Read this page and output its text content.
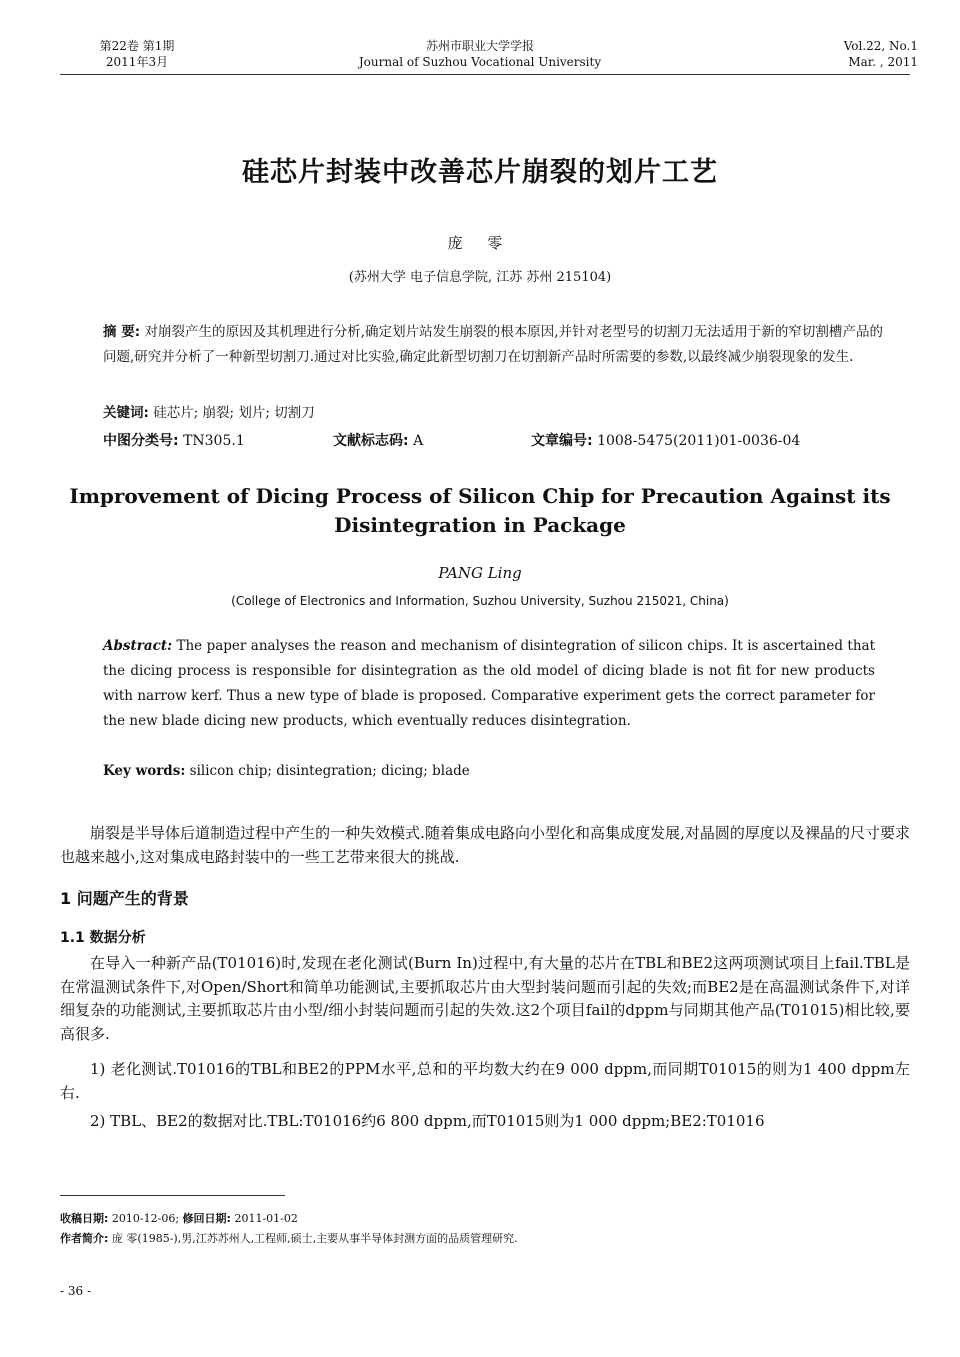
第22卷 第1期
2011年3月
苏州市职业大学学报
Journal of Suzhou Vocational University
Vol.22, No.1
Mar. , 2011
硅芯片封装中改善芯片崩裂的划片工艺
庞 零
(苏州大学 电子信息学院, 江苏 苏州 215104)
摘 要: 对崩裂产生的原因及其机理进行分析,确定划片站发生崩裂的根本原因,并针对老型号的切割刀无法适用于新的窄切割槽产品的问题,研究并分析了一种新型切割刀.通过对比实验,确定此新型切割刀在切割新产品时所需要的参数,以最终减少崩裂现象的发生.
关键词: 硅芯片; 崩裂; 划片; 切割刀
中图分类号: TN305.1	文献标志码: A	文章编号: 1008-5475(2011)01-0036-04
Improvement of Dicing Process of Silicon Chip for Precaution Against its Disintegration in Package
PANG Ling
(College of Electronics and Information, Suzhou University, Suzhou 215021, China)
Abstract: The paper analyses the reason and mechanism of disintegration of silicon chips. It is ascertained that the dicing process is responsible for disintegration as the old model of dicing blade is not fit for new products with narrow kerf. Thus a new type of blade is proposed. Comparative experiment gets the correct parameter for the new blade dicing new products, which eventually reduces disintegration.
Key words: silicon chip; disintegration; dicing; blade
崩裂是半导体后道制造过程中产生的一种失效模式.随着集成电路向小型化和高集成度发展,对晶圆的厚度以及裸晶的尺寸要求也越来越小,这对集成电路封装中的一些工艺带来很大的挑战.
1 问题产生的背景
1.1 数据分析
在导入一种新产品(T01016)时,发现在老化测试(Burn In)过程中,有大量的芯片在TBL和BE2这两项测试项目上fail.TBL是在常温测试条件下,对Open/Short和简单功能测试,主要抓取芯片由大型封装问题而引起的失效;而BE2是在高温测试条件下,对详细复杂的功能测试,主要抓取芯片由小型/细小封装问题而引起的失效.这2个项目fail的dppm与同期其他产品(T01015)相比较,要高很多.
1) 老化测试.T01016的TBL和BE2的PPM水平,总和的平均数大约在9 000 dppm,而同期T01015的则为1 400 dppm左右.
2) TBL、BE2的数据对比.TBL:T01016约6 800 dppm,而T01015则为1 000 dppm;BE2:T01016
收稿日期: 2010-12-06; 修回日期: 2011-01-02
作者简介: 庞 零(1985-),男,江苏苏州人,工程师,硕士,主要从事半导体封测方面的品质管理研究.
- 36 -
